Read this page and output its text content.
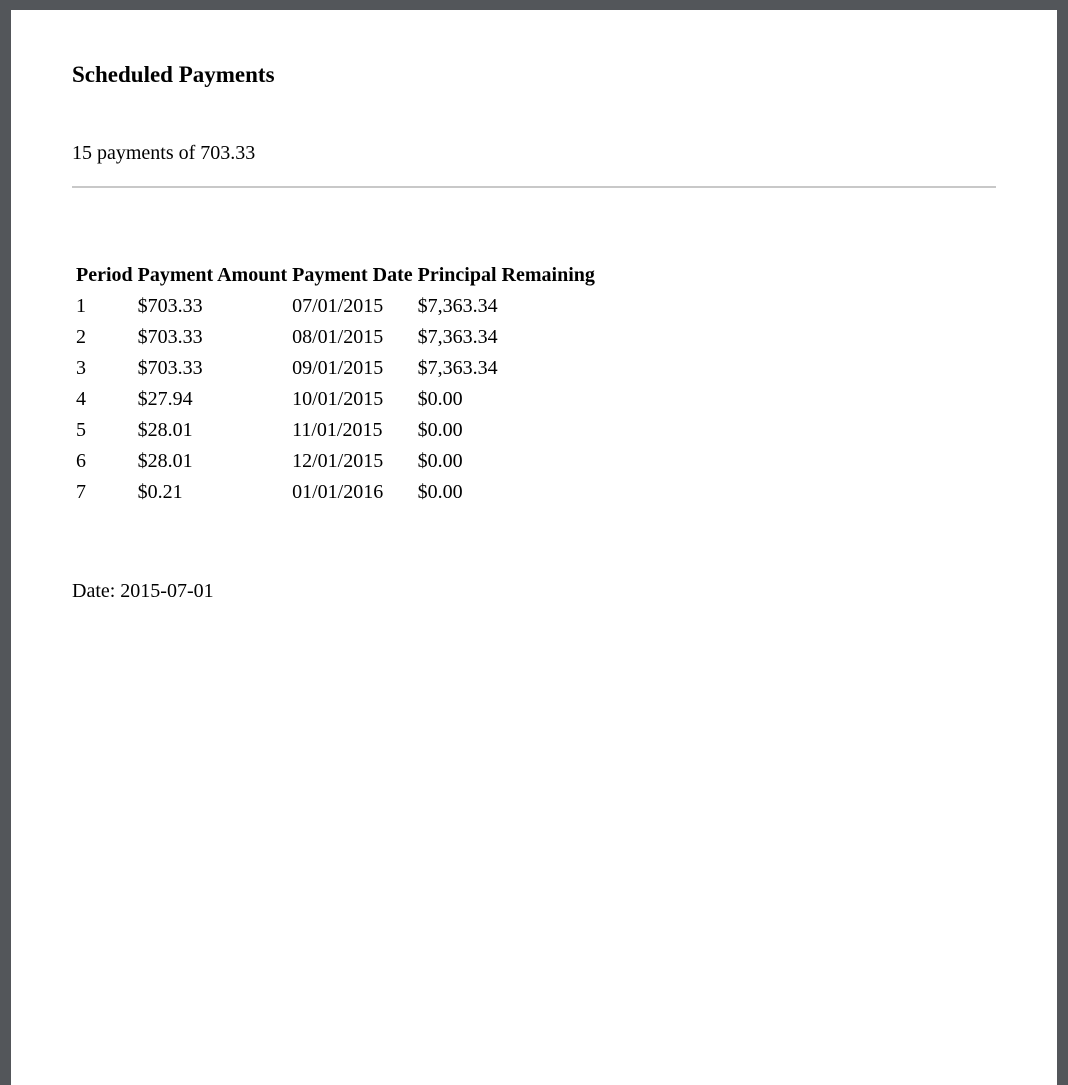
Scheduled Payments
15 payments of 703.33
Period	Payment Amount	Payment Date	Principal Remaining
1	$703.33	07/01/2015	$7,363.34
2	$703.33	08/01/2015	$7,363.34
3	$703.33	09/01/2015	$7,363.34
4	$27.94	10/01/2015	$0.00
5	$28.01	11/01/2015	$0.00
6	$28.01	12/01/2015	$0.00
7	$0.21	01/01/2016	$0.00
Date: 2015-07-01
